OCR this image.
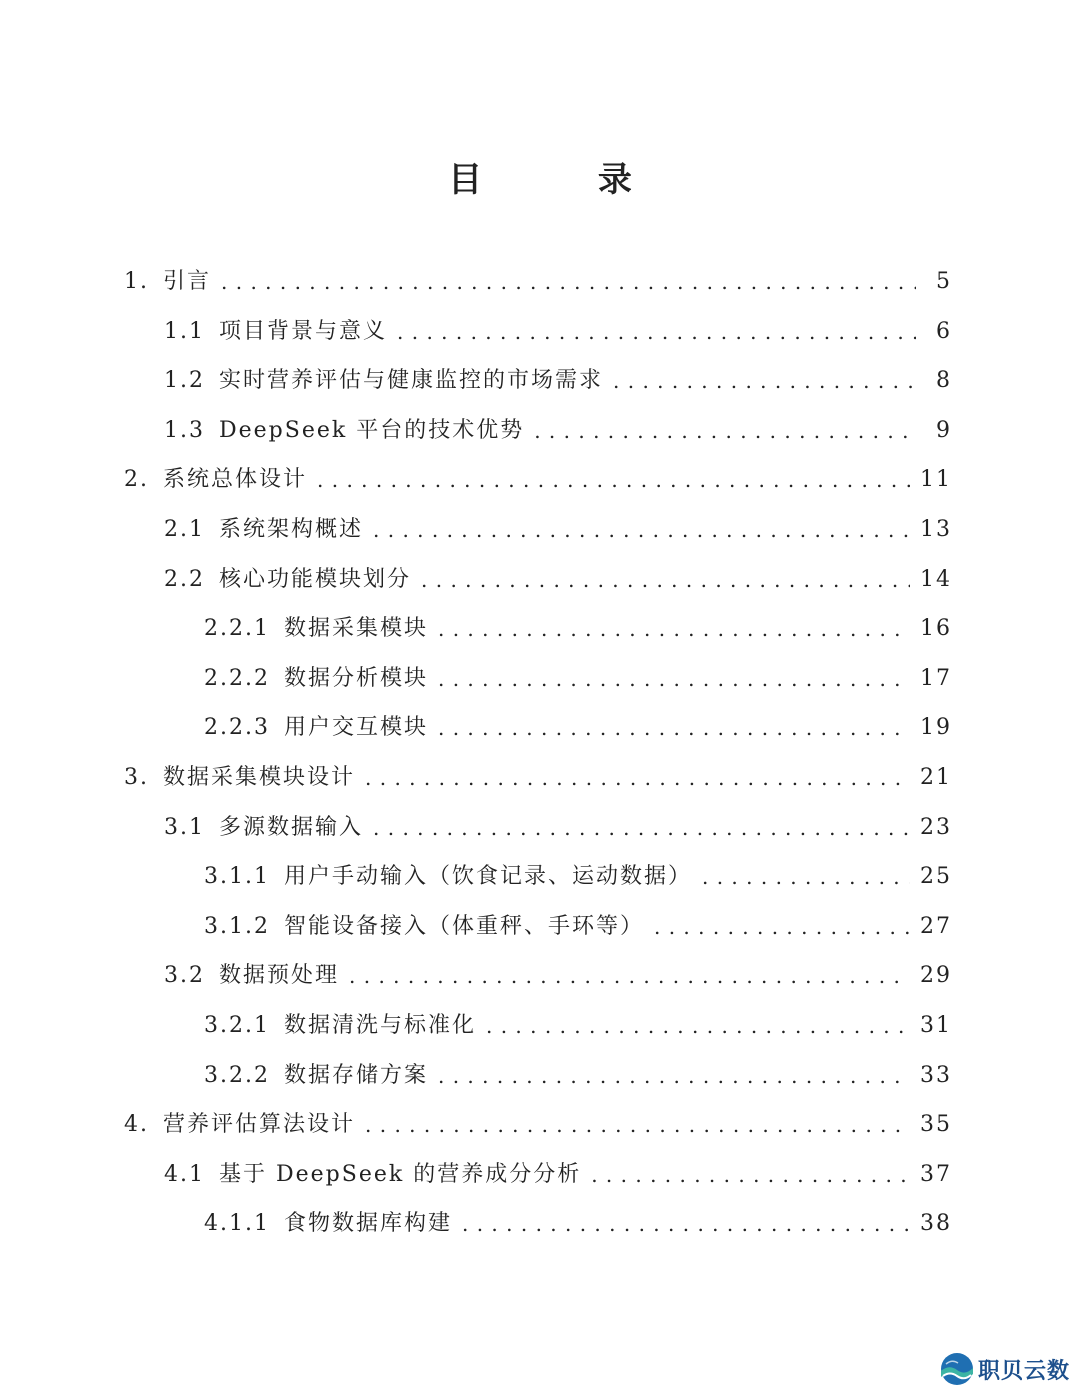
目 录
1. 引言 . . .	5
1.1 项目背景与意义 . . .	6
1.2 实时营养评估与健康监控的市场需求 . . .	8
1.3 DeepSeek 平台的技术优势 . . .	9
2. 系统总体设计 . . .	11
2.1 系统架构概述 . . .	13
2.2 核心功能模块划分 . . .	14
2.2.1 数据采集模块 . . .	16
2.2.2 数据分析模块 . . .	17
2.2.3 用户交互模块 . . .	19
3. 数据采集模块设计 . . .	21
3.1 多源数据输入 . . .	23
3.1.1 用户手动输入（饮食记录、运动数据） . . .	25
3.1.2 智能设备接入（体重秤、手环等） . . .	27
3.2 数据预处理 . . .	29
3.2.1 数据清洗与标准化 . . .	31
3.2.2 数据存储方案 . . .	33
4. 营养评估算法设计 . . .	35
4.1 基于 DeepSeek 的营养成分分析 . . .	37
4.1.1 食物数据库构建 . . .	38
职贝云数
